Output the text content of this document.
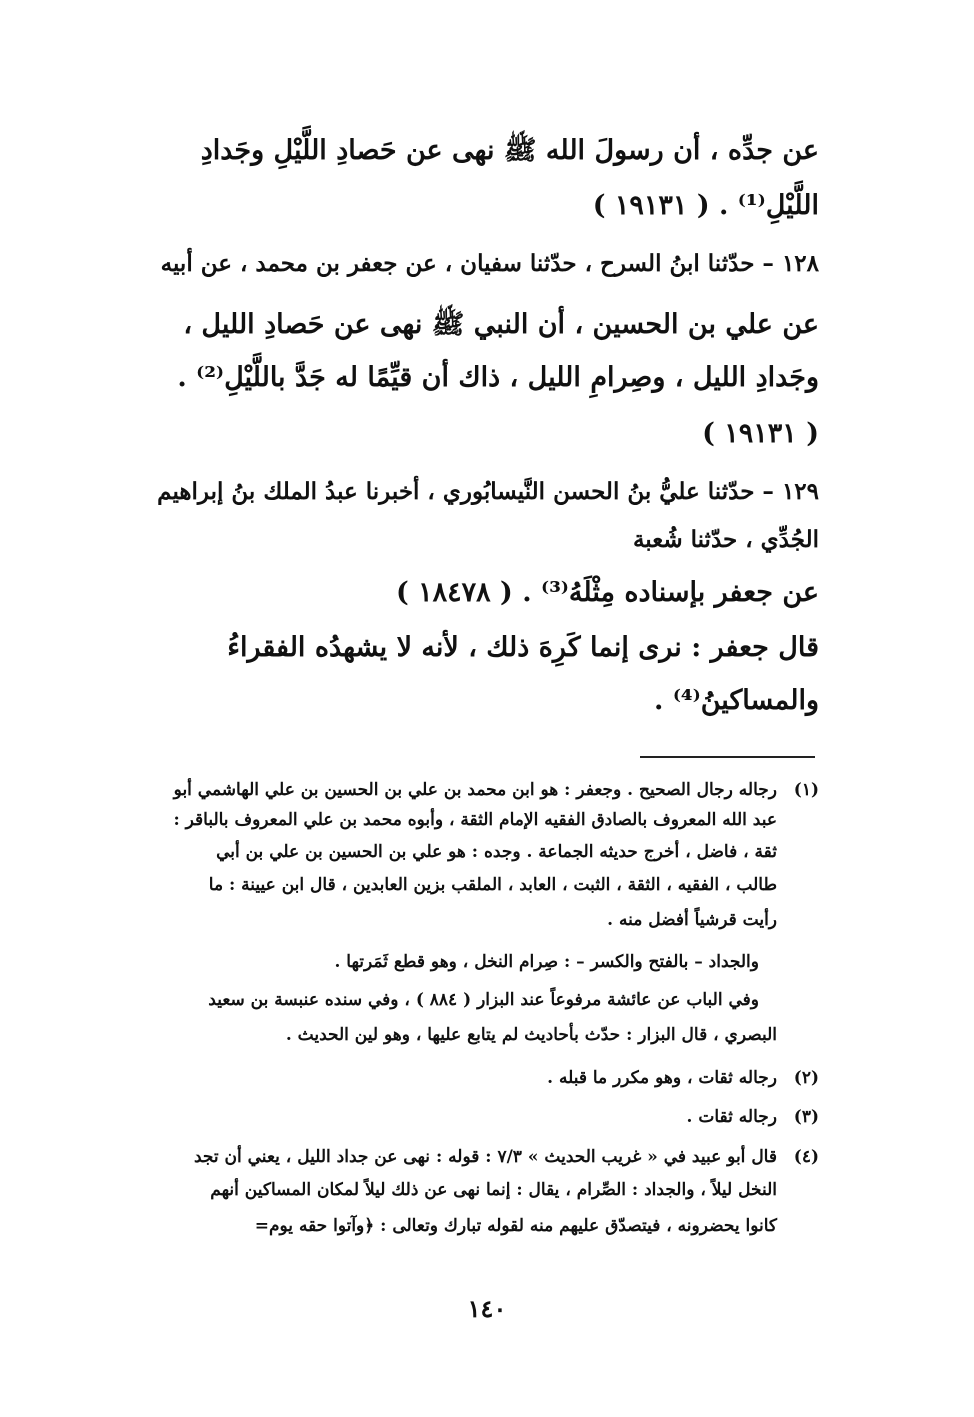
عن جدِّه ، أن رسولَ الله ﷺ نهى عن حَصادِ اللَّيْلِ وجَدادِ
اللَّيْلِ⁽¹⁾ . ( ١٩١٣١ )
١٢٨ – حدّثنا ابنُ السرح ، حدّثنا سفيان ، عن جعفر بن محمد ، عن أبيه
عن علي بن الحسين ، أن النبي ﷺ نهى عن حَصادِ الليل ،
وجَدادِ الليل ، وصِرامِ الليل ، ذاك أن قيِّمًا له جَدَّ باللَّيْلِ⁽²⁾ .
( ١٩١٣١ )
١٢٩ – حدّثنا عليُّ بنُ الحسن النَّيسابُوري ، أخبرنا عبدُ الملك بنُ إبراهيم
الجُدِّي ، حدّثنا شُعبة
عن جعفر بإسناده مِثْلَهُ⁽³⁾ . ( ١٨٤٧٨ )
قال جعفر : نرى إنما كَرِهَ ذلك ، لأنه لا يشهدُه الفقراءُ
والمساكينُ⁽⁴⁾ .
(١)
رجاله رجال الصحيح . وجعفر : هو ابن محمد بن علي بن الحسين بن علي الهاشمي أبو
عبد الله المعروف بالصادق الفقيه الإمام الثقة ، وأبوه محمد بن علي المعروف بالباقر :
ثقة ، فاضل ، أخرج حديثه الجماعة . وجده : هو علي بن الحسين بن علي بن أبي
طالب ، الفقيه ، الثقة ، الثبت ، العابد ، الملقب بزين العابدين ، قال ابن عيينة : ما
رأيت قرشياً أفضل منه .
والجداد – بالفتح والكسر – : صِرام النخل ، وهو قطع ثَمَرتها .
وفي الباب عن عائشة مرفوعاً عند البزار ( ٨٨٤ ) ، وفي سنده عنبسة بن سعيد
البصري ، قال البزار : حدّث بأحاديث لم يتابع عليها ، وهو لين الحديث .
(٢)
رجاله ثقات ، وهو مكرر ما قبله .
(٣)
رجاله ثقات .
(٤)
قال أبو عبيد في « غريب الحديث » ٧/٣ : قوله : نهى عن جداد الليل ، يعني أن تجد
النخل ليلاً ، والجداد : الصِّرام ، يقال : إنما نهى عن ذلك ليلاً لمكان المساكين أنهم
كانوا يحضرونه ، فيتصدّق عليهم منه لقوله تبارك وتعالى : ﴿وآتوا حقه يوم=
١٤٠
